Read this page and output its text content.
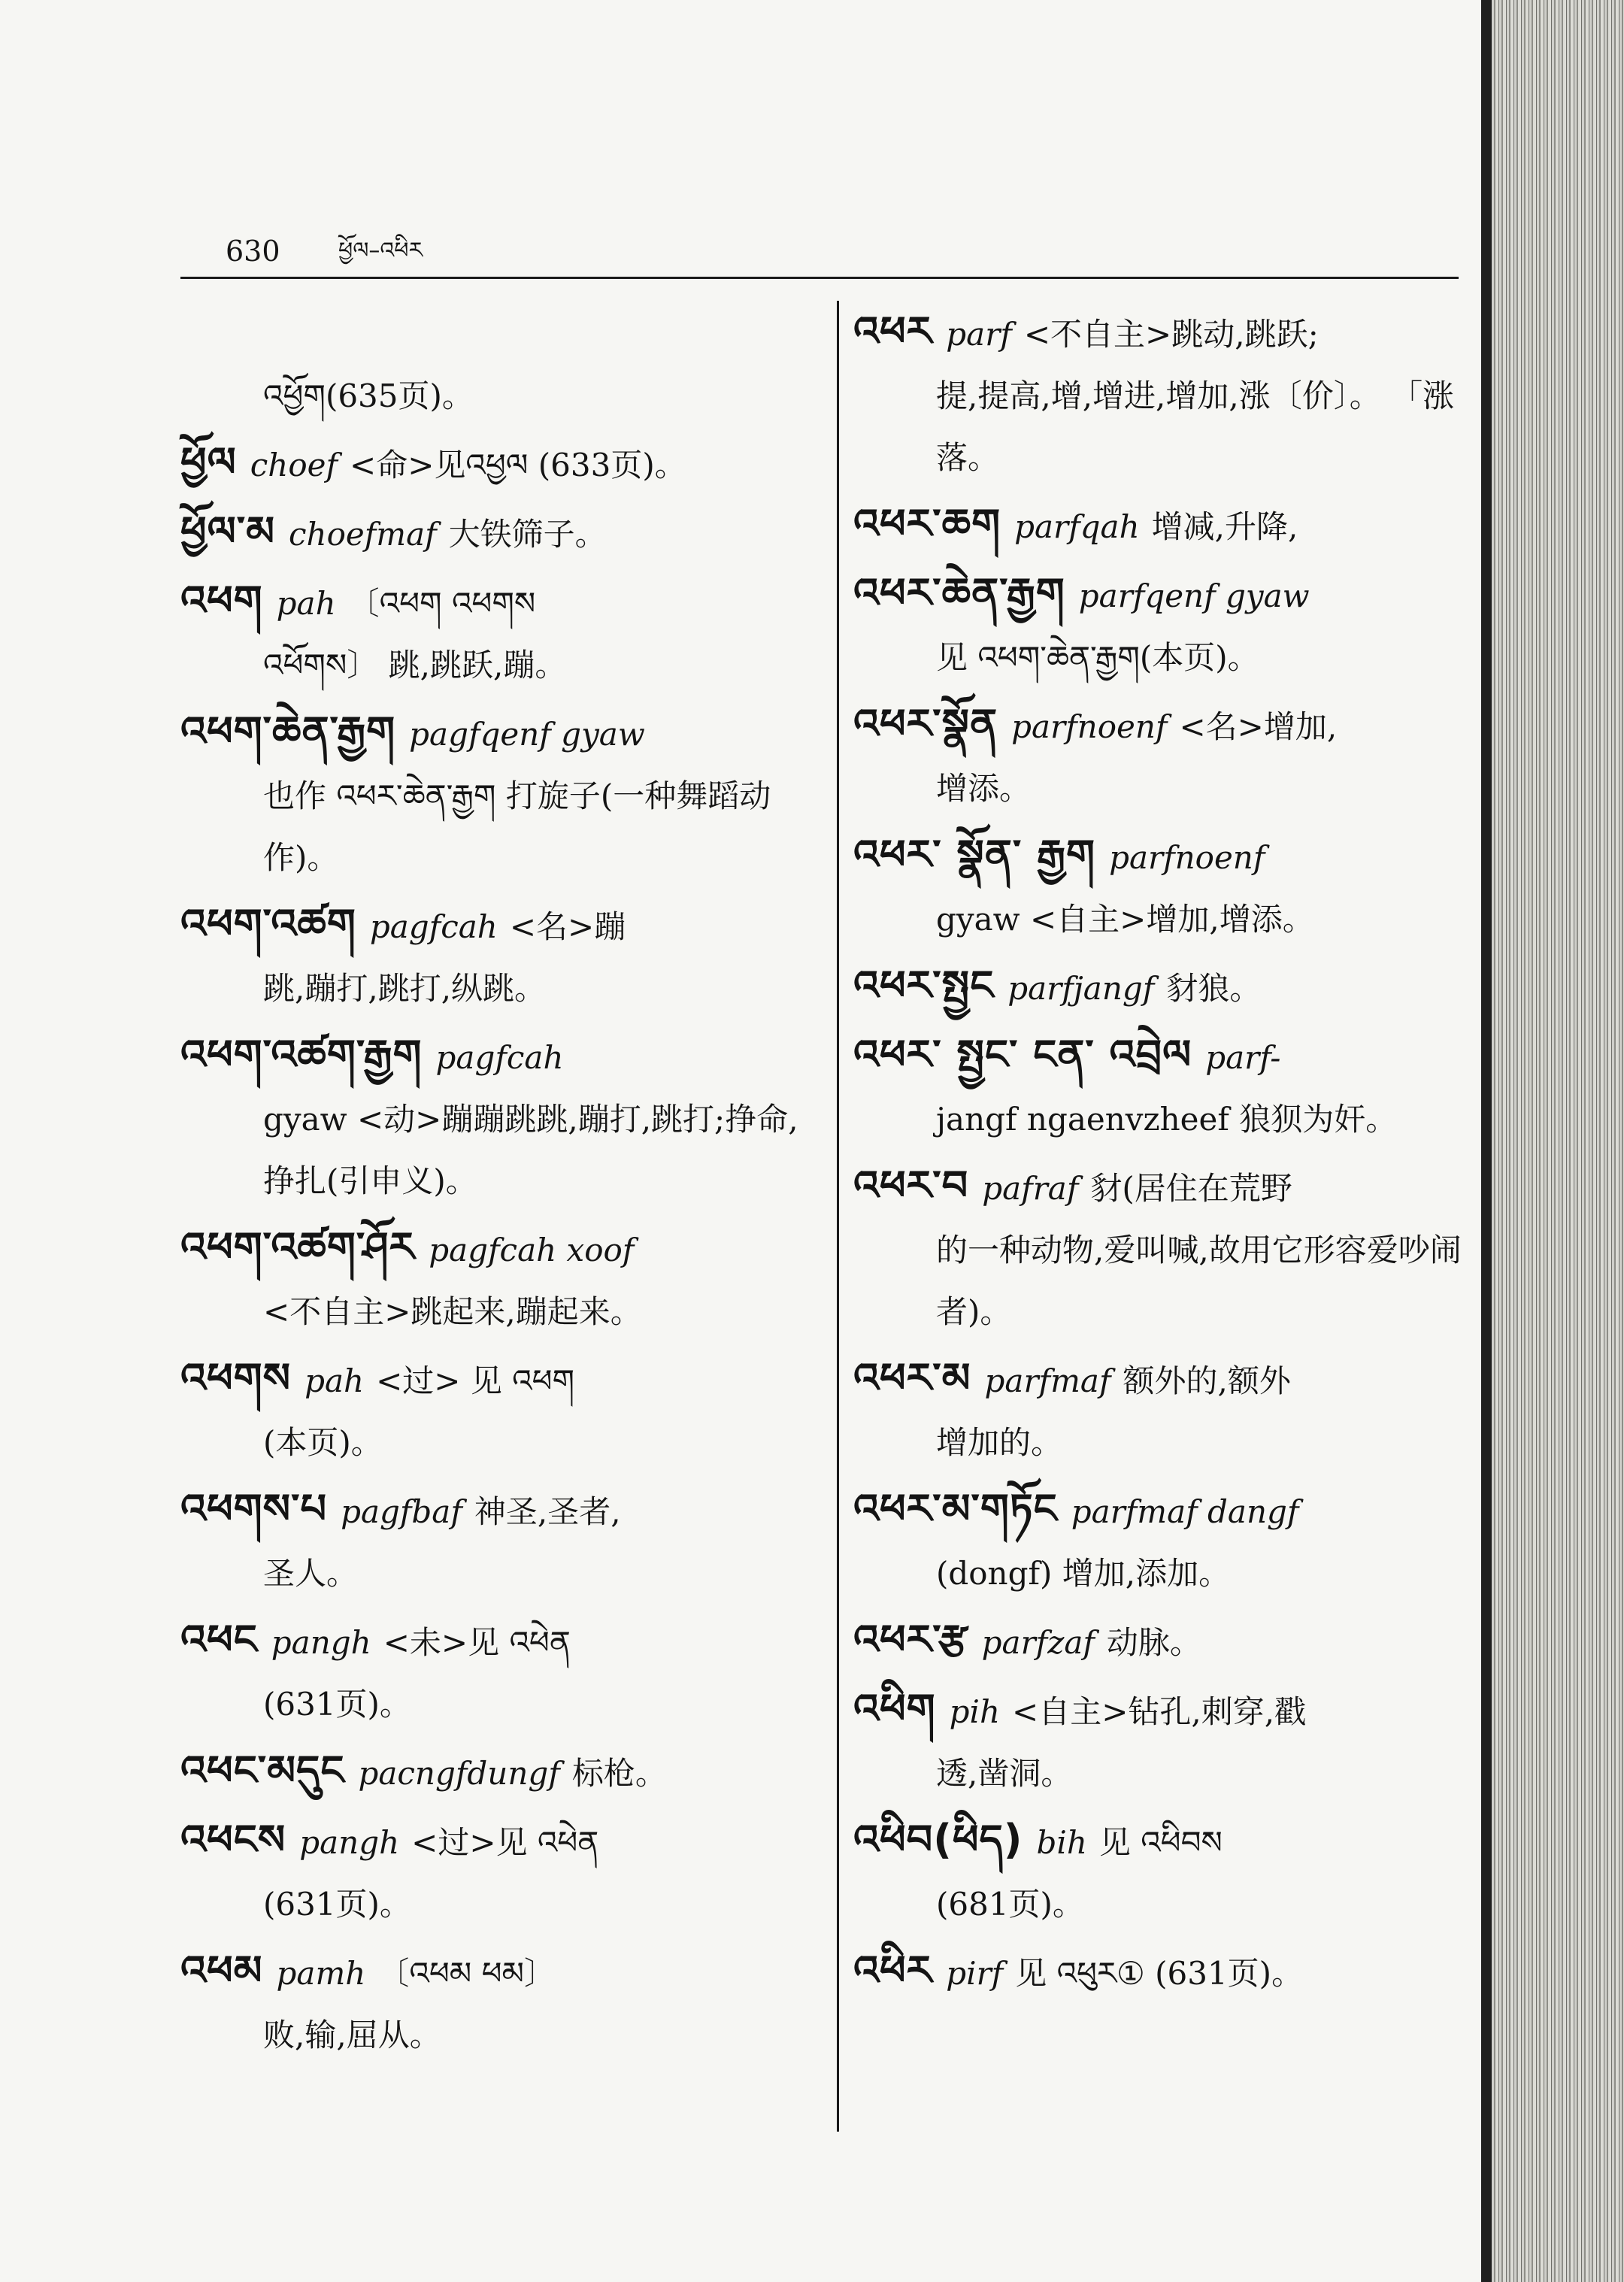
630	ཕྱོལ–འཕིར
འཕྱོག(635页)。
ཕྱོལ choef <命>见འཕྱལ (633页)。
ཕྱོལ་མ choefmaf 大铁筛子。
འཕག pah 〔འཕག འཕགས
འཕོགས〕 跳,跳跃,蹦。
འཕག་ཆེན་རྒྱག pagfqenf gyaw
也作 འཕར་ཆེན་རྒྱག 打旋子(一种舞蹈动作)。
འཕག་འཚག pagfcah <名>蹦
跳,蹦打,跳打,纵跳。
འཕག་འཚག་རྒྱག pagfcah
gyaw <动>蹦蹦跳跳,蹦打,跳打;挣命,挣扎(引申义)。
འཕག་འཚག་ཤོར pagfcah xoof
<不自主>跳起来,蹦起来。
འཕགས pah <过> 见 འཕག
(本页)。
འཕགས་པ pagfbaf 神圣,圣者,
圣人。
འཕང pangh <未>见 འཕེན
(631页)。
འཕང་མདུང pacngfdungf 标枪。
འཕངས pangh <过>见 འཕེན
(631页)。
འཕམ pamh 〔འཕམ ཕམ〕
败,输,屈从。
འཕར parf <不自主>跳动,跳跃;
提,提高,增,增进,增加,涨〔价〕。 「涨落。
འཕར་ཆག parfqah 增减,升降,
འཕར་ཆེན་རྒྱག parfqenf gyaw
见 འཕག་ཆེན་རྒྱག(本页)。
འཕར་སྣོན parfnoenf <名>增加,
增添。
འཕར་ སྣོན་ རྒྱག parfnoenf
gyaw <自主>增加,增添。
འཕར་སྤྱང parfjangf 豺狼。
འཕར་ སྤྱང་ ངན་ འབྲེལ parf-
jangf ngaenvzheef 狼狈为奸。
འཕར་བ pafraf 豺(居住在荒野
的一种动物,爱叫喊,故用它形容爱吵闹者)。
འཕར་མ parfmaf 额外的,额外
增加的。
འཕར་མ་གཏོང parfmaf dangf
(dongf) 增加,添加。
འཕར་རྩ parfzaf 动脉。
འཕིག pih <自主>钻孔,刺穿,戳
透,凿洞。
འཕིབ(ཕིད) bih 见 འཕིབས
(681页)。
འཕིར pirf 见 འཕུར① (631页)。
